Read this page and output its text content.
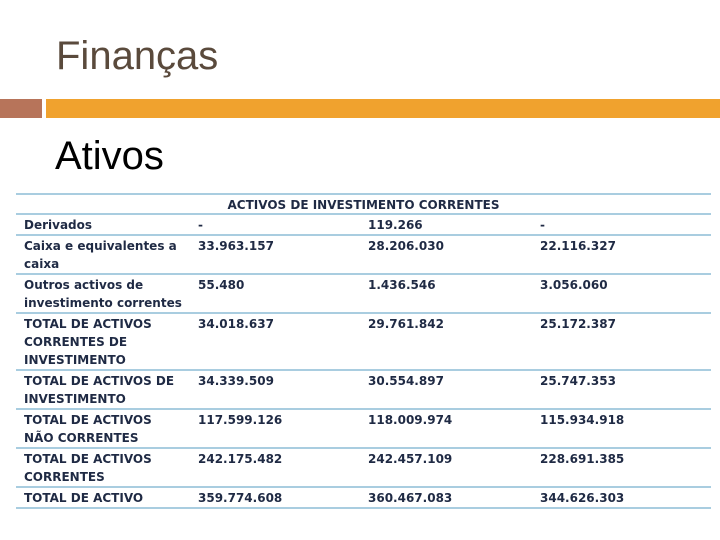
Finanças
Ativos
ACTIVOS DE INVESTIMENTO CORRENTES			
Derivados	-	119.266	-
Caixa e equivalentes a caixa	33.963.157	28.206.030	22.116.327
Outros activos de investimento correntes	55.480	1.436.546	3.056.060
TOTAL DE ACTIVOS CORRENTES DE INVESTIMENTO	34.018.637	29.761.842	25.172.387
TOTAL DE ACTIVOS DE INVESTIMENTO	34.339.509	30.554.897	25.747.353
TOTAL DE ACTIVOS NÃO CORRENTES	117.599.126	118.009.974	115.934.918
TOTAL DE ACTIVOS CORRENTES	242.175.482	242.457.109	228.691.385
TOTAL DE ACTIVO	359.774.608	360.467.083	344.626.303
